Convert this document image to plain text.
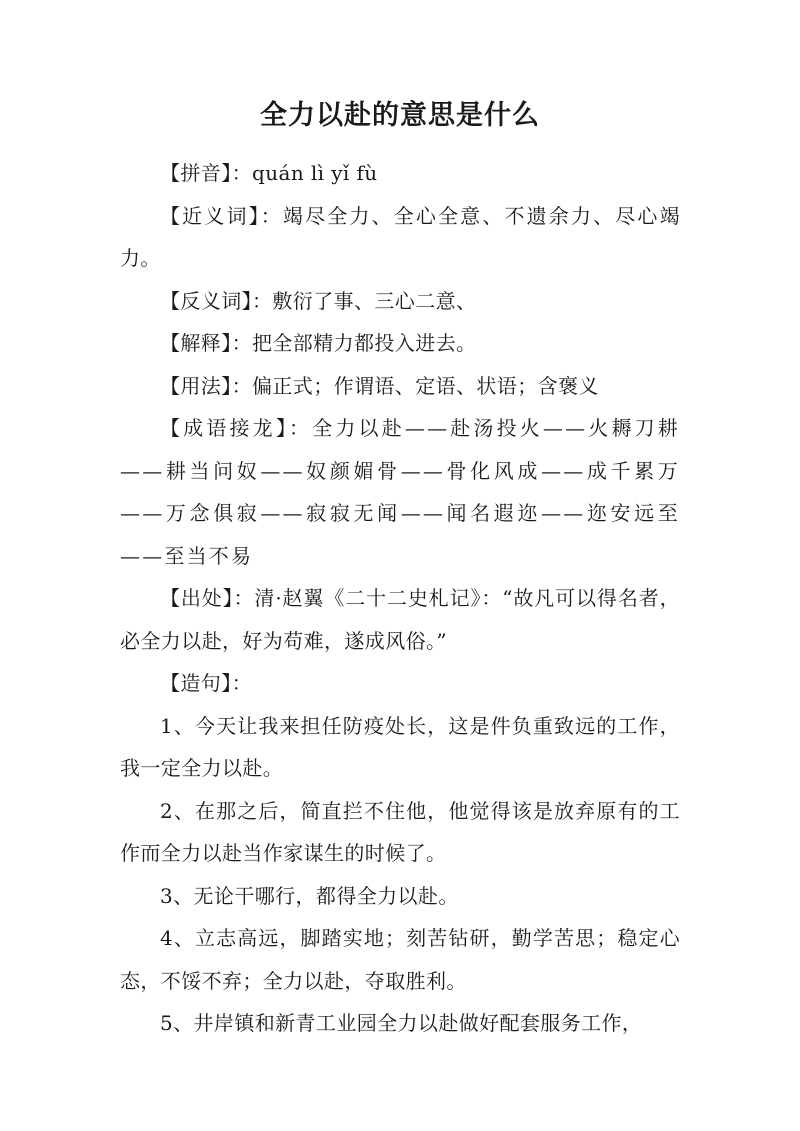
全力以赴的意思是什么

【拼音】：quán lì yǐ fù

【近义词】：竭尽全力、全心全意、不遗余力、尽心竭力。

【反义词】：敷衍了事、三心二意、

【解释】：把全部精力都投入进去。

【用法】：偏正式；作谓语、定语、状语；含褒义

【成语接龙】：全力以赴——赴汤投火——火耨刀耕——耕当问奴——奴颜媚骨——骨化风成——成千累万——万念俱寂——寂寂无闻——闻名遐迩——迩安远至——至当不易

【出处】：清·赵翼《二十二史札记》：“故凡可以得名者，必全力以赴，好为苟难，遂成风俗。”

【造句】：

1、今天让我来担任防疫处长，这是件负重致远的工作，我一定全力以赴。

2、在那之后，简直拦不住他，他觉得该是放弃原有的工作而全力以赴当作家谋生的时候了。

3、无论干哪行，都得全力以赴。

4、立志高远，脚踏实地；刻苦钻研，勤学苦思；稳定心态，不馁不弃；全力以赴，夺取胜利。

5、井岸镇和新青工业园全力以赴做好配套服务工作，
